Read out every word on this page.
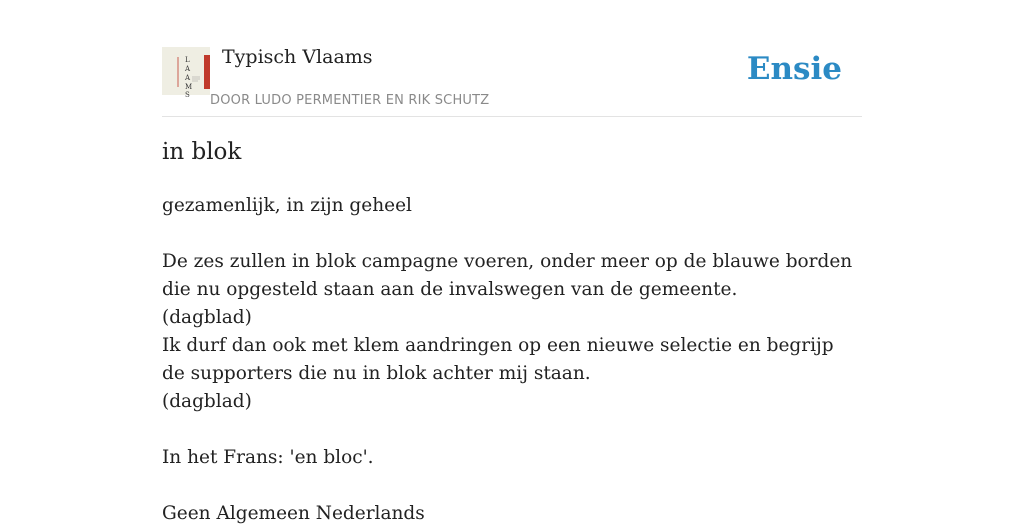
L
A
A
M
S
Typisch Vlaams
DOOR LUDO PERMENTIER EN RIK SCHUTZ
Ensie
in blok

gezamenlijk, in zijn geheel

De zes zullen in blok campagne voeren, onder meer op de blauwe borden die nu opgesteld staan aan de invalswegen van de gemeente.

(dagblad)

Ik durf dan ook met klem aandringen op een nieuwe selectie en begrijp de supporters die nu in blok achter mij staan.

(dagblad)

In het Frans: 'en bloc'.

Geen Algemeen Nederlands
